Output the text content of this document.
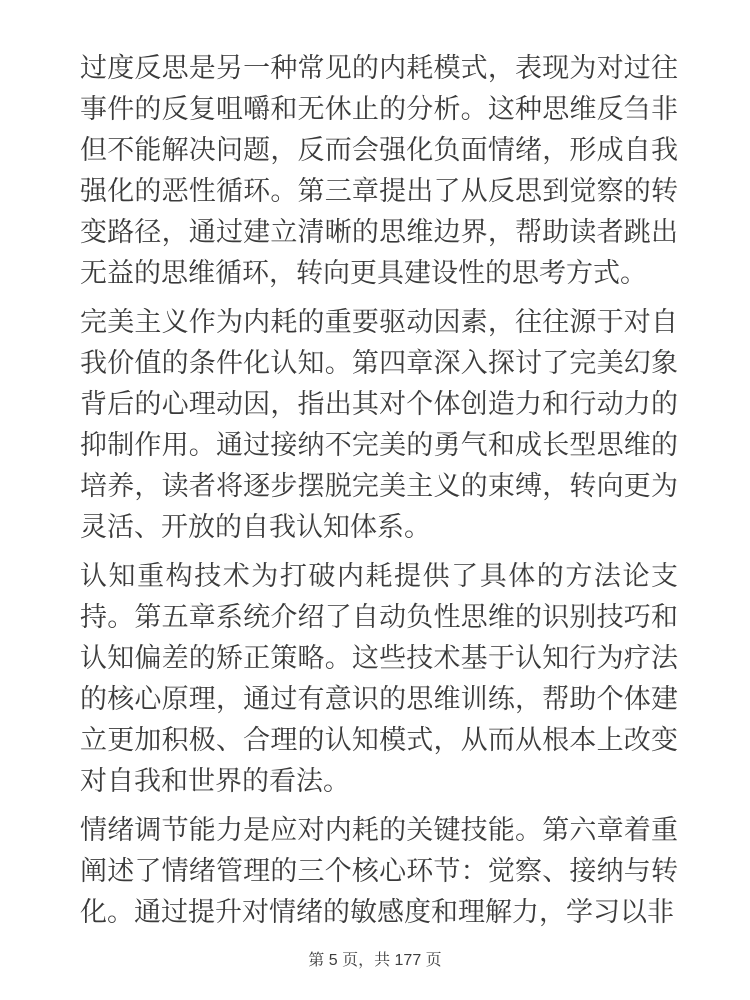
过度反思是另一种常见的内耗模式，表现为对过往事件的反复咀嚼和无休止的分析。这种思维反刍非但不能解决问题，反而会强化负面情绪，形成自我强化的恶性循环。第三章提出了从反思到觉察的转变路径，通过建立清晰的思维边界，帮助读者跳出无益的思维循环，转向更具建设性的思考方式。

完美主义作为内耗的重要驱动因素，往往源于对自我价值的条件化认知。第四章深入探讨了完美幻象背后的心理动因，指出其对个体创造力和行动力的抑制作用。通过接纳不完美的勇气和成长型思维的培养，读者将逐步摆脱完美主义的束缚，转向更为灵活、开放的自我认知体系。

认知重构技术为打破内耗提供了具体的方法论支持。第五章系统介绍了自动负性思维的识别技巧和认知偏差的矫正策略。这些技术基于认知行为疗法的核心原理，通过有意识的思维训练，帮助个体建立更加积极、合理的认知模式，从而从根本上改变对自我和世界的看法。

情绪调节能力是应对内耗的关键技能。第六章着重阐述了情绪管理的三个核心环节：觉察、接纳与转化。通过提升对情绪的敏感度和理解力，学习以非

第 5 页，共 177 页
